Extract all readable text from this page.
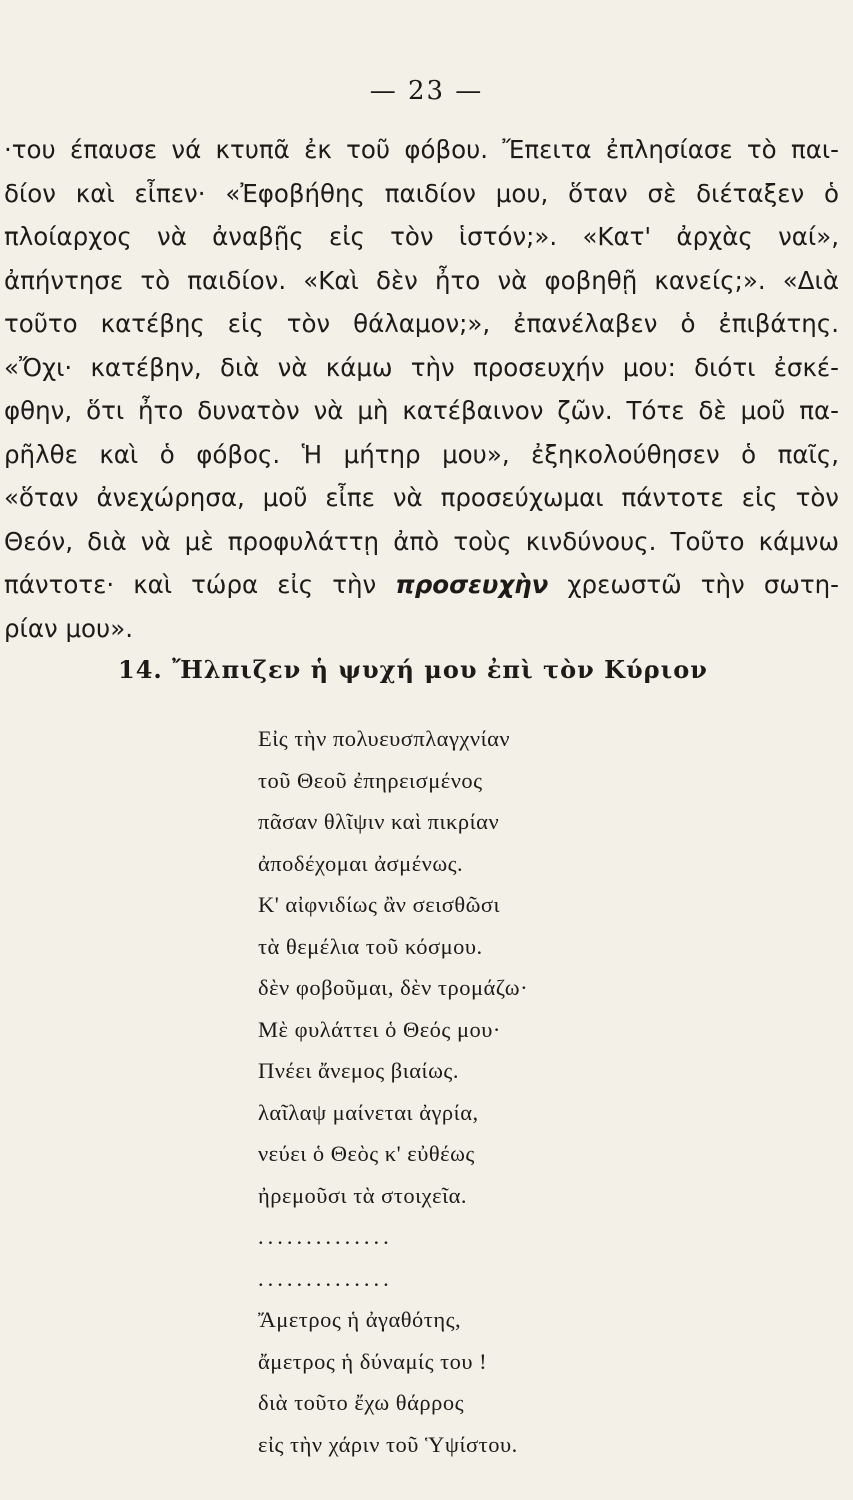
— 23 —
·του έπαυσε νά κτυπᾶ ἐκ τοῦ φόβου. Ἔπειτα ἐπλησίασε τὸ παι-
δίον καὶ εἶπεν· «Ἐφοβήθης παιδίον μου, ὅταν σὲ διέταξεν ὁ
πλοίαρχος νὰ ἀναβῇς εἰς τὸν ἱστόν;». «Κατ' ἀρχὰς ναί»,
ἀπήντησε τὸ παιδίον. «Καὶ δὲν ἦτο νὰ φοβηθῇ κανείς;». «Διὰ
τοῦτο κατέβης εἰς τὸν θάλαμον;», ἐπανέλαβεν ὁ ἐπιβάτης.
«Ὄχι· κατέβην, διὰ νὰ κάμω τὴν προσευχήν μου: διότι ἐσκέ-
φθην, ὅτι ἦτο δυνατὸν νὰ μὴ κατέβαινον ζῶν. Τότε δὲ μοῦ πα-
ρῆλθε καὶ ὁ φόβος. Ἡ μήτηρ μου», ἐξηκολούθησεν ὁ παῖς,
«ὅταν ἀνεχώρησα, μοῦ εἶπε νὰ προσεύχωμαι πάντοτε εἰς τὸν
Θεόν, διὰ νὰ μὲ προφυλάττῃ ἀπὸ τοὺς κινδύνους. Τοῦτο κάμνω
πάντοτε· καὶ τώρα εἰς τὴν προσευχὴν χρεωστῶ τὴν σωτη-
ρίαν μου».
14. Ἤλπιζεν ἡ ψυχή μου ἐπὶ τὸν Κύριον
Εἰς τὴν πολυευσπλαγχνίαν
τοῦ Θεοῦ ἐπηρεισμένος
πᾶσαν θλῖψιν καὶ πικρίαν
ἀποδέχομαι ἀσμένως.
Κ' αἰφνιδίως ἂν σεισθῶσι
τὰ θεμέλια τοῦ κόσμου.
δὲν φοβοῦμαι, δὲν τρομάζω·
Μὲ φυλάττει ὁ Θεός μου·
Πνέει ἄνεμος βιαίως.
λαῖλαψ μαίνεται ἀγρία,
νεύει ὁ Θεὸς κ' εὐθέως
ἠρεμοῦσι τὰ στοιχεῖα.
..............
..............
Ἄμετρος ἡ ἀγαθότης,
ἄμετρος ἡ δύναμίς του !
διὰ τοῦτο ἔχω θάρρος
εἰς τὴν χάριν τοῦ Ὑψίστου.
